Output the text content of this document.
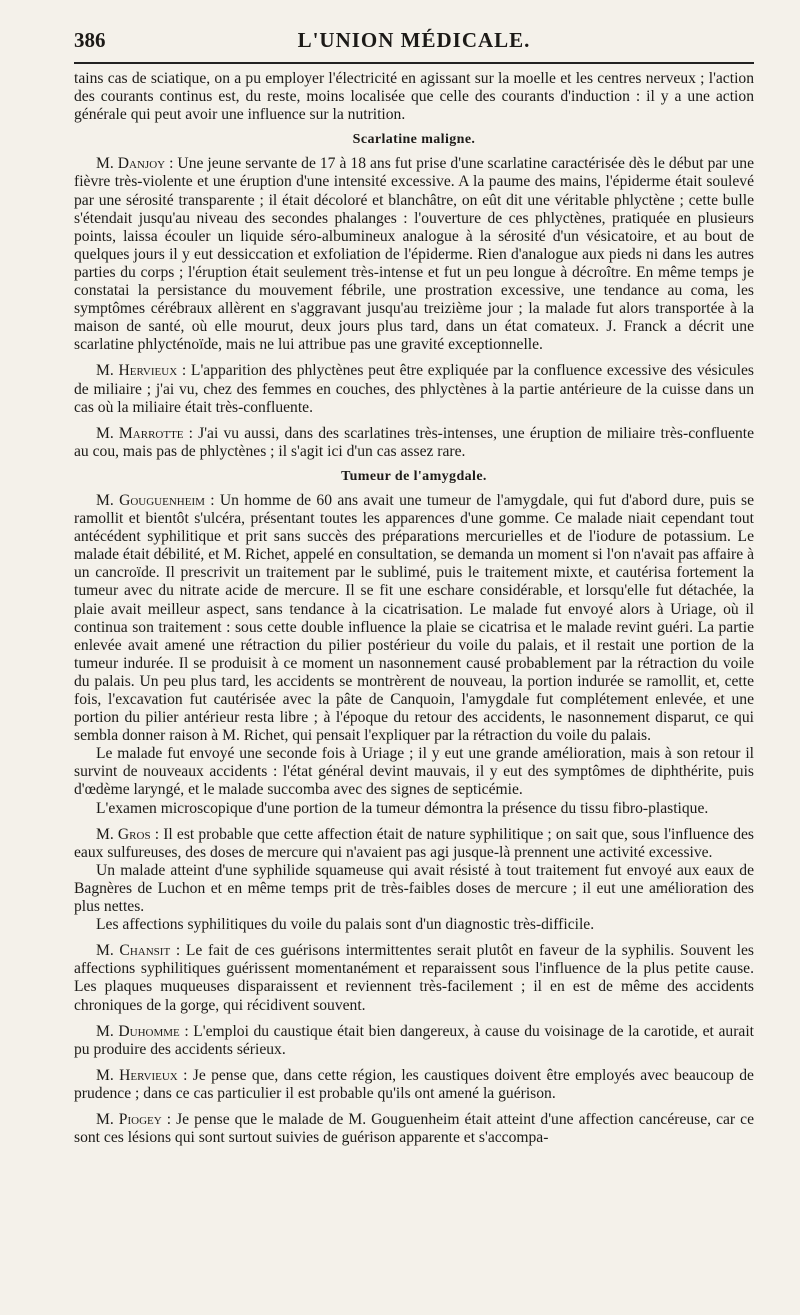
386	L'UNION MÉDICALE.

tains cas de sciatique, on a pu employer l'électricité en agissant sur la moelle et les centres nerveux ; l'action des courants continus est, du reste, moins localisée que celle des courants d'induction : il y a une action générale qui peut avoir une influence sur la nutrition.

Scarlatine maligne.

M. Danjoy : Une jeune servante de 17 à 18 ans fut prise d'une scarlatine caractérisée dès le début par une fièvre très-violente et une éruption d'une intensité excessive. A la paume des mains, l'épiderme était soulevé par une sérosité transparente ; il était décoloré et blanchâtre, on eût dit une véritable phlyctène ; cette bulle s'étendait jusqu'au niveau des secondes phalanges : l'ouverture de ces phlyctènes, pratiquée en plusieurs points, laissa écouler un liquide séro-albumineux analogue à la sérosité d'un vésicatoire, et au bout de quelques jours il y eut dessiccation et exfoliation de l'épiderme. Rien d'analogue aux pieds ni dans les autres parties du corps ; l'éruption était seulement très-intense et fut un peu longue à décroître. En même temps je constatai la persistance du mouvement fébrile, une prostration excessive, une tendance au coma, les symptômes cérébraux allèrent en s'aggravant jusqu'au treizième jour ; la malade fut alors transportée à la maison de santé, où elle mourut, deux jours plus tard, dans un état comateux. J. Franck a décrit une scarlatine phlycténoïde, mais ne lui attribue pas une gravité exceptionnelle.

M. Hervieux : L'apparition des phlyctènes peut être expliquée par la confluence excessive des vésicules de miliaire ; j'ai vu, chez des femmes en couches, des phlyctènes à la partie antérieure de la cuisse dans un cas où la miliaire était très-confluente.

M. Marrotte : J'ai vu aussi, dans des scarlatines très-intenses, une éruption de miliaire très-confluente au cou, mais pas de phlyctènes ; il s'agit ici d'un cas assez rare.

Tumeur de l'amygdale.

M. Gouguenheim : Un homme de 60 ans avait une tumeur de l'amygdale, qui fut d'abord dure, puis se ramollit et bientôt s'ulcéra, présentant toutes les apparences d'une gomme. Ce malade niait cependant tout antécédent syphilitique et prit sans succès des préparations mercurielles et de l'iodure de potassium. Le malade était débilité, et M. Richet, appelé en consultation, se demanda un moment si l'on n'avait pas affaire à un cancroïde. Il prescrivit un traitement par le sublimé, puis le traitement mixte, et cautérisa fortement la tumeur avec du nitrate acide de mercure. Il se fit une eschare considérable, et lorsqu'elle fut détachée, la plaie avait meilleur aspect, sans tendance à la cicatrisation. Le malade fut envoyé alors à Uriage, où il continua son traitement : sous cette double influence la plaie se cicatrisa et le malade revint guéri. La partie enlevée avait amené une rétraction du pilier postérieur du voile du palais, et il restait une portion de la tumeur indurée. Il se produisit à ce moment un nasonnement causé probablement par la rétraction du voile du palais. Un peu plus tard, les accidents se montrèrent de nouveau, la portion indurée se ramollit, et, cette fois, l'excavation fut cautérisée avec la pâte de Canquoin, l'amygdale fut complétement enlevée, et une portion du pilier antérieur resta libre ; à l'époque du retour des accidents, le nasonnement disparut, ce qui sembla donner raison à M. Richet, qui pensait l'expliquer par la rétraction du voile du palais.

Le malade fut envoyé une seconde fois à Uriage ; il y eut une grande amélioration, mais à son retour il survint de nouveaux accidents : l'état général devint mauvais, il y eut des symptômes de diphthérite, puis d'œdème laryngé, et le malade succomba avec des signes de septicémie.

L'examen microscopique d'une portion de la tumeur démontra la présence du tissu fibro-plastique.

M. Gros : Il est probable que cette affection était de nature syphilitique ; on sait que, sous l'influence des eaux sulfureuses, des doses de mercure qui n'avaient pas agi jusque-là prennent une activité excessive.

Un malade atteint d'une syphilide squameuse qui avait résisté à tout traitement fut envoyé aux eaux de Bagnères de Luchon et en même temps prit de très-faibles doses de mercure ; il eut une amélioration des plus nettes.

Les affections syphilitiques du voile du palais sont d'un diagnostic très-difficile.

M. Chansit : Le fait de ces guérisons intermittentes serait plutôt en faveur de la syphilis. Souvent les affections syphilitiques guérissent momentanément et reparaissent sous l'influence de la plus petite cause. Les plaques muqueuses disparaissent et reviennent très-facilement ; il en est de même des accidents chroniques de la gorge, qui récidivent souvent.

M. Duhomme : L'emploi du caustique était bien dangereux, à cause du voisinage de la carotide, et aurait pu produire des accidents sérieux.

M. Hervieux : Je pense que, dans cette région, les caustiques doivent être employés avec beaucoup de prudence ; dans ce cas particulier il est probable qu'ils ont amené la guérison.

M. Piogey : Je pense que le malade de M. Gouguenheim était atteint d'une affection cancéreuse, car ce sont ces lésions qui sont surtout suivies de guérison apparente et s'accompa-
